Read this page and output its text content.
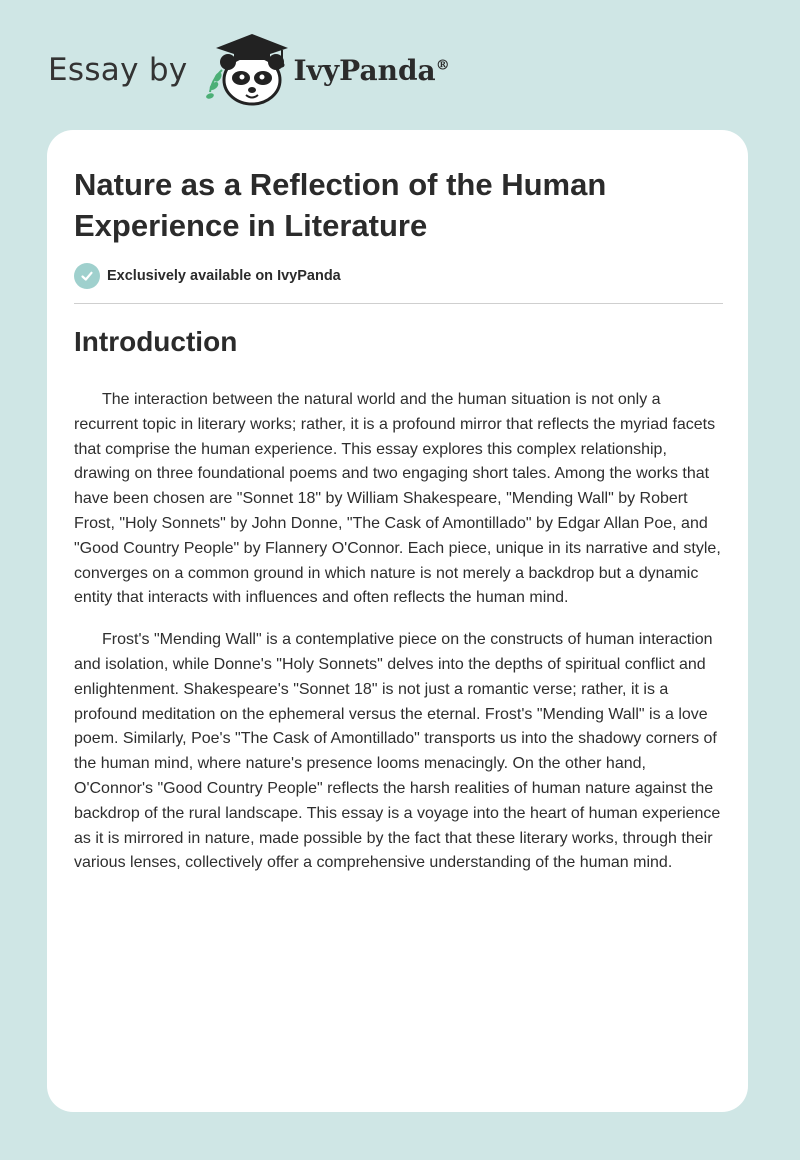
Essay by	IvyPanda®
Nature as a Reflection of the Human Experience in Literature
Exclusively available on IvyPanda
Introduction

The interaction between the natural world and the human situation is not only a recurrent topic in literary works; rather, it is a profound mirror that reflects the myriad facets that comprise the human experience. This essay explores this complex relationship, drawing on three foundational poems and two engaging short tales. Among the works that have been chosen are "Sonnet 18" by William Shakespeare, "Mending Wall" by Robert Frost, "Holy Sonnets" by John Donne, "The Cask of Amontillado" by Edgar Allan Poe, and "Good Country People" by Flannery O'Connor. Each piece, unique in its narrative and style, converges on a common ground in which nature is not merely a backdrop but a dynamic entity that interacts with influences and often reflects the human mind.

Frost's "Mending Wall" is a contemplative piece on the constructs of human interaction and isolation, while Donne's "Holy Sonnets" delves into the depths of spiritual conflict and enlightenment. Shakespeare's "Sonnet 18" is not just a romantic verse; rather, it is a profound meditation on the ephemeral versus the eternal. Frost's "Mending Wall" is a love poem. Similarly, Poe's "The Cask of Amontillado" transports us into the shadowy corners of the human mind, where nature's presence looms menacingly. On the other hand, O'Connor's "Good Country People" reflects the harsh realities of human nature against the backdrop of the rural landscape. This essay is a voyage into the heart of human experience as it is mirrored in nature, made possible by the fact that these literary works, through their various lenses, collectively offer a comprehensive understanding of the human mind.
